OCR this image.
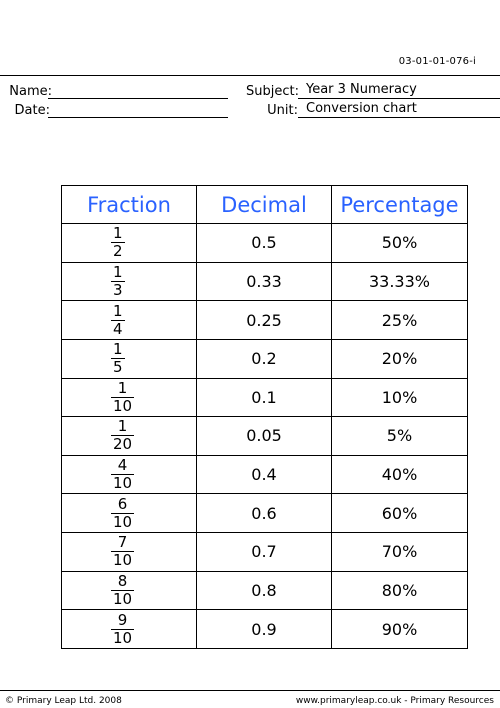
03-01-01-076-i
Name:
Date:
Subject: Year 3 Numeracy
Unit: Conversion chart
Fraction	Decimal	Percentage

$\frac{1}{2}$	0.5	50%

$\frac{1}{3}$	0.33	33.33%

$\frac{1}{4}$	0.25	25%

$\frac{1}{5}$	0.2	20%

$\frac{1}{10}$	0.1	10%

$\frac{1}{20}$	0.05	5%

$\frac{4}{10}$	0.4	40%

$\frac{6}{10}$	0.6	60%

$\frac{7}{10}$	0.7	70%

$\frac{8}{10}$	0.8	80%

$\frac{9}{10}$	0.9	90%
© Primary Leap Ltd. 2008	www.primaryleap.co.uk - Primary Resources
